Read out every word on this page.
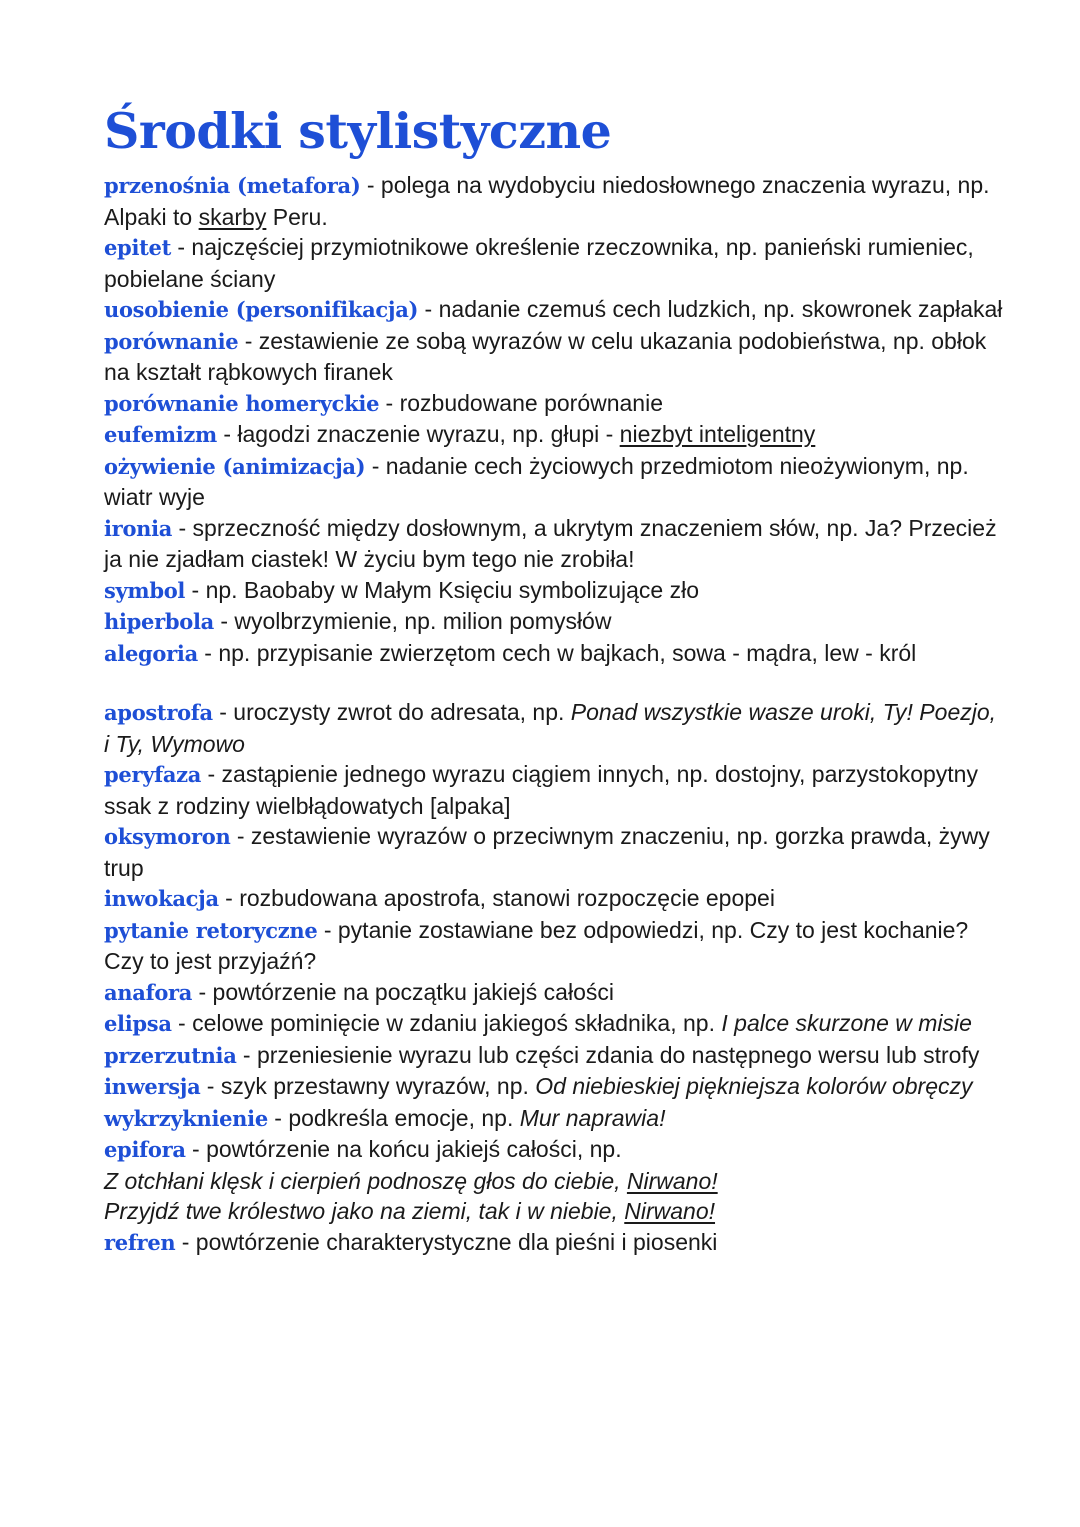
Środki stylistyczne

przenośnia (metafora) - polega na wydobyciu niedosłownego znaczenia wyrazu, np. Alpaki to skarby Peru.

epitet - najczęściej przymiotnikowe określenie rzeczownika, np. panieński rumieniec, pobielane ściany

uosobienie (personifikacja) - nadanie czemuś cech ludzkich, np. skowronek zapłakał

porównanie - zestawienie ze sobą wyrazów w celu ukazania podobieństwa, np. obłok na kształt rąbkowych firanek

porównanie homeryckie - rozbudowane porównanie

eufemizm - łagodzi znaczenie wyrazu, np. głupi - niezbyt inteligentny

ożywienie (animizacja) - nadanie cech życiowych przedmiotom nieożywionym, np. wiatr wyje

ironia - sprzeczność między dosłownym, a ukrytym znaczeniem słów, np. Ja? Przecież ja nie zjadłam ciastek! W życiu bym tego nie zrobiła!

symbol - np. Baobaby w Małym Księciu symbolizujące zło

hiperbola - wyolbrzymienie, np. milion pomysłów

alegoria - np. przypisanie zwierzętom cech w bajkach, sowa - mądra, lew - król

apostrofa - uroczysty zwrot do adresata, np. Ponad wszystkie wasze uroki, Ty! Poezjo, i Ty, Wymowo

peryfaza - zastąpienie jednego wyrazu ciągiem innych, np. dostojny, parzystokopytny ssak z rodziny wielbłądowatych [alpaka]

oksymoron - zestawienie wyrazów o przeciwnym znaczeniu, np. gorzka prawda, żywy trup

inwokacja - rozbudowana apostrofa, stanowi rozpoczęcie epopei

pytanie retoryczne - pytanie zostawiane bez odpowiedzi, np. Czy to jest kochanie? Czy to jest przyjaźń?

anafora - powtórzenie na początku jakiejś całości

elipsa - celowe pominięcie w zdaniu jakiegoś składnika, np. I palce skurzone w misie

przerzutnia - przeniesienie wyrazu lub części zdania do następnego wersu lub strofy

inwersja - szyk przestawny wyrazów, np. Od niebieskiej piękniejsza kolorów obręczy

wykrzyknienie - podkreśla emocje, np. Mur naprawia!

epifora - powtórzenie na końcu jakiejś całości, np.
Z otchłani klęsk i cierpień podnoszę głos do ciebie, Nirwano!
Przyjdź twe królestwo jako na ziemi, tak i w niebie, Nirwano!

refren - powtórzenie charakterystyczne dla pieśni i piosenki
